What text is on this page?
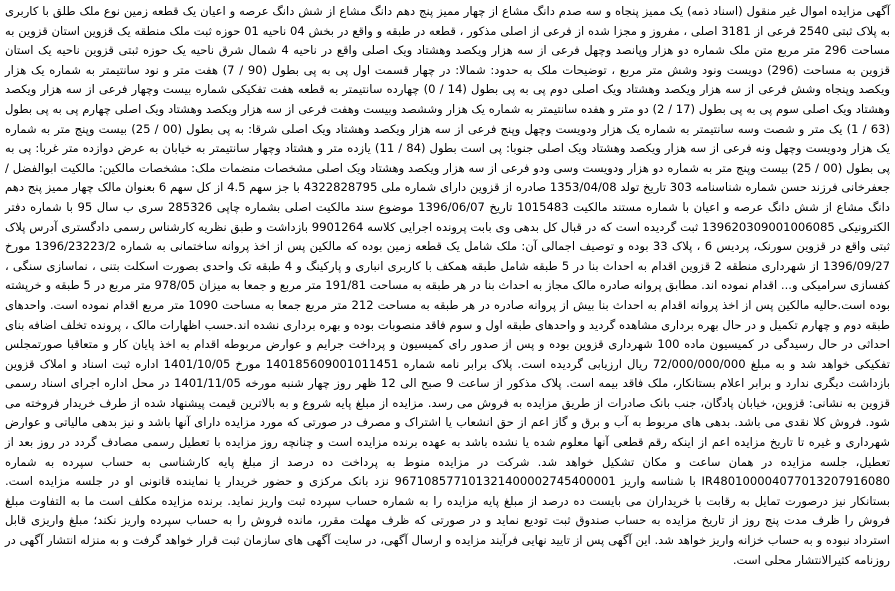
آگهی مزایده اموال غیر منقول (اسناد ذمه) یک ممیز پنجاه و سه صدم دانگ مشاع از چهار ممیز پنج دهم دانگ مشاع از شش دانگ عرصه و اعیان یک قطعه زمین نوع ملک طلق با کاربری به پلاک ثبتی 2540 فرعی از 3181 اصلی ، مفروز و مجزا شده از فرعی از اصلی مذکور ، قطعه در طبقه و واقع در بخش 04 ناحیه 01 حوزه ثبت ملک منطقه یک قزوین استان قزوین به مساحت 296 متر مربع متن ملک شماره دو هزار وپانصد وچهل فرعی از سه هزار ویکصد وهشتاد ویک اصلی واقع در ناحیه 4 شمال شرق ناحیه یک حوزه ثبتی قزوین ناحیه یک استان قزوین به مساحت (296) دویست ونود وشش متر مربع ، توضیحات ملک به حدود: شمالا: در چهار قسمت اول پی به پی بطول (90 / 7) هفت متر و نود سانتیمتر به شماره یک هزار ویکصد وپنجاه وشش فرعی از سه هزار ویکصد وهشتاد ویک اصلی دوم پی به پی بطول (14 / 0) چهارده سانتیمتر به قطعه هفت تفکیکی شماره بیست وچهار فرعی از سه هزار ویکصد وهشتاد ویک اصلی سوم پی به پی بطول (17 / 2) دو متر و هفده سانتیمتر به شماره یک هزار وششصد وبیست وهفت فرعی از سه هزار ویکصد وهشتاد ویک اصلی چهارم پی به پی بطول (63 / 1) یک متر و شصت وسه سانتیمتر به شماره یک هزار ودویست وچهل وپنج فرعی از سه هزار ویکصد وهشتاد ویک اصلی شرقا: به پی بطول (00 / 25) بیست وپنج متر به شماره یک هزار ودویست وچهل ونه فرعی از سه هزار ویکصد وهشتاد ویک اصلی جنوبا: پی است بطول (84 / 11) یازده متر و هشتاد وچهار سانتیمتر به خیابان به عرض دوازده متر غربا: پی به پی بطول (00 / 25) بیست وپنج متر به شماره دو هزار ودویست وسی ودو فرعی از سه هزار ویکصد وهشتاد ویک اصلی مشخصات منضمات ملک: مشخصات مالکین: مالکیت ابوالفضل / جعفرخانی فرزند حسن شماره شناسنامه 303 تاریخ تولد 1353/04/08 صادره از قزوین دارای شماره ملی 4322828795 با جز سهم 4.5 از کل سهم 6 بعنوان مالک چهار ممیز پنج دهم دانگ مشاع از شش دانگ عرصه و اعیان با شماره مستند مالکیت 1015483 تاریخ 1396/06/07 موضوع سند مالکیت اصلی بشماره چاپی 285326 سری ب سال 95 با شماره دفتر الکترونیکی 139620309001006085 ثبت گردیده است که در قبال کل بدهی وی بابت پرونده اجرایی کلاسه 9901264 بازداشت و طبق نظریه کارشناس رسمی دادگستری آدرس پلاک ثبتی واقع در قزوین سورنک، پردیس 6 ، پلاک 33 بوده و توصیف اجمالی آن: ملک شامل یک قطعه زمین بوده که مالکین پس از اخذ پروانه ساختمانی به شماره 1396/23223/2 مورخ 1396/09/27 از شهرداری منطقه 2 قزوین اقدام به احداث بنا در 5 طبقه شامل طبقه همکف با کاربری انباری و پارکینگ و 4 طبقه تک واحدی بصورت اسکلت بتنی ، نماسازی سنگی ، کفسازی سرامیکی و... اقدام نموده اند. مطابق پروانه صادره مالک مجاز به احداث بنا در هر طبقه به مساحت 191/81 متر مربع و جمعا به میزان 978/05 متر مربع در 5 طبقه و خرپشته بوده است.حالیه مالکین پس از اخذ پروانه اقدام به احداث بنا بیش از پروانه صادره در هر طبقه به مساحت 212 متر مربع جمعا به مساحت 1090 متر مربع اقدام نموده است. واحدهای طبقه دوم و چهارم تکمیل و در حال بهره برداری مشاهده گردید و واحدهای طبقه اول و سوم فاقد منصوبات بوده و بهره برداری نشده اند.حسب اظهارات مالک ، پرونده تخلف اضافه بنای احداثی در حال رسیدگی در کمیسیون ماده 100 شهرداری قزوین بوده و پس از صدور رای کمیسیون و پرداخت جرایم و عوارض مربوطه اقدام به اخذ پایان کار و متعاقبا صورتمجلس تفکیکی خواهد شد و به مبلغ 72/000/000/000 ریال ارزیابی گردیده است. پلاک برابر نامه شماره 140185609001011451 مورخ 1401/10/05 اداره ثبت اسناد و املاک قزوین بازداشت دیگری ندارد و برابر اعلام بستانکار، ملک فاقد بیمه است. پلاک مذکور از ساعت 9 صبح الی 12 ظهر روز چهار شنبه مورخه 1401/11/05 در محل اداره اجرای اسناد رسمی قزوین به نشانی: قزوین، خیابان پادگان، جنب بانک صادرات از طریق مزایده به فروش می رسد. مزایده از مبلغ پایه شروع و به بالاترین قیمت پیشنهاد شده از طرف خریدار فروخته می شود. فروش کلا نقدی می باشد. بدهی های مربوط به آب و برق و گاز اعم از حق انشعاب یا اشتراک و مصرف در صورتی که مورد مزایده دارای آنها باشد و نیز بدهی مالیاتی و عوارض شهرداری و غیره تا تاریخ مزایده اعم از اینکه رقم قطعی آنها معلوم شده یا نشده باشد به عهده برنده مزایده است و چنانچه روز مزایده با تعطیل رسمی مصادف گردد در روز بعد از تعطیل، جلسه مزایده در همان ساعت و مکان تشکیل خواهد شد. شرکت در مزایده منوط به پرداخت ده درصد از مبلغ پایه کارشناسی به حساب سپرده به شماره IR480100004077013207916080 با شناسه واریز 967108577101321400002745400001 نزد بانک مرکزی و حضور خریدار یا نماینده قانونی او در جلسه مزایده است. بستانکار نیز درصورت تمایل به رقابت با خریداران می بایست ده درصد از مبلغ پایه مزایده را به شماره حساب سپرده ثبت واریز نماید. برنده مزایده مکلف است ما به التفاوت مبلغ فروش را ظرف مدت پنج روز از تاریخ مزایده به حساب صندوق ثبت تودیع نماید و در صورتی که ظرف مهلت مقرر، مانده فروش را به حساب سپرده واریز نکند؛ مبلغ واریزی قابل استرداد نبوده و به حساب خزانه واریز خواهد شد. این آگهی پس از تایید نهایی فرآیند مزایده و ارسال آگهی، در سایت آگهی های سازمان ثبت قرار خواهد گرفت و به منزله انتشار آگهی در روزنامه کثیرالانتشار محلی است.
